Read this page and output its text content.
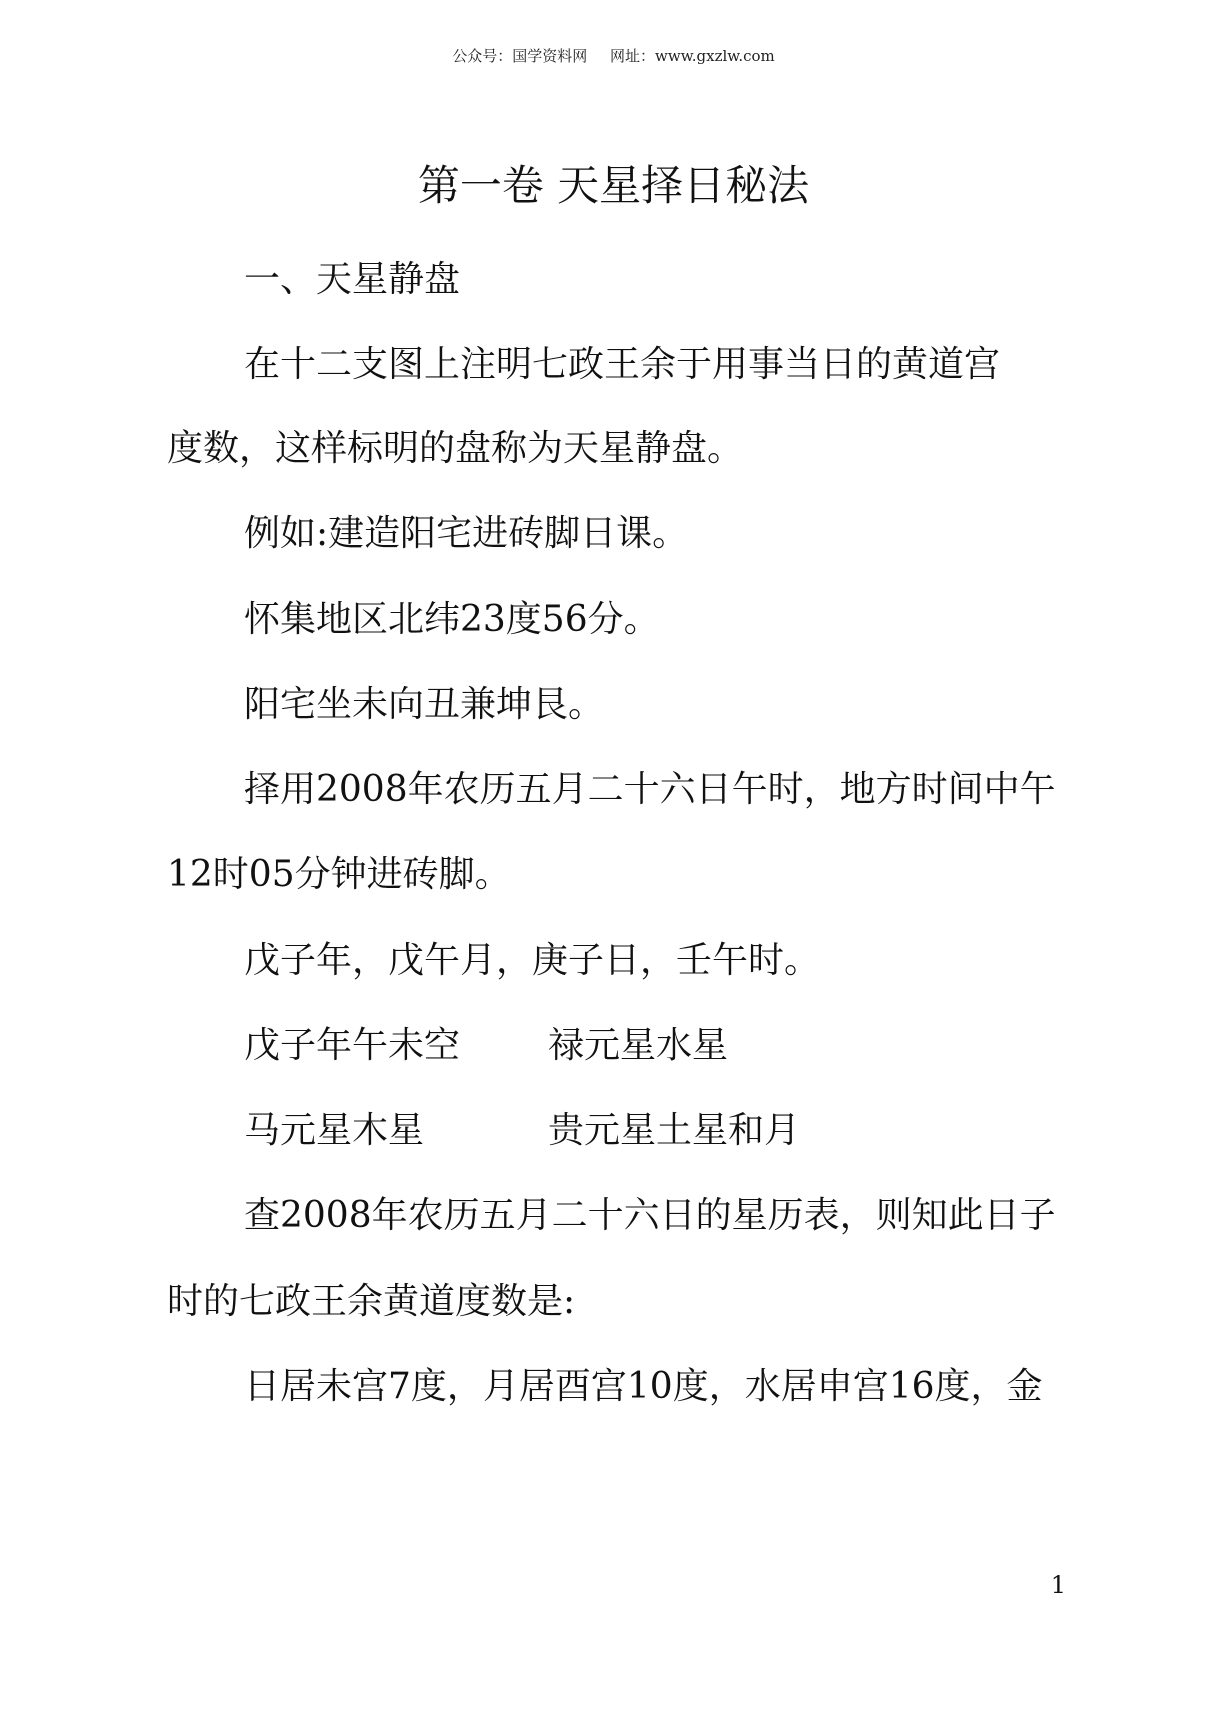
公众号：国学资料网 网址：www.gxzlw.com
第一卷 天星择日秘法

一、天星静盘

在十二支图上注明七政王余于用事当日的黄道宫

度数，这样标明的盘称为天星静盘。

例如:建造阳宅进砖脚日课。

怀集地区北纬23度56分。

阳宅坐未向丑兼坤艮。

择用2008年农历五月二十六日午时，地方时间中午

12时05分钟进砖脚。

戊子年，戊午月，庚子日，壬午时。

戊子年午未空 禄元星水星

马元星木星	贵元星土星和月

查2008年农历五月二十六日的星历表，则知此日子

时的七政王余黄道度数是:

日居未宫7度，月居酉宫10度，水居申宫16度，金

1
